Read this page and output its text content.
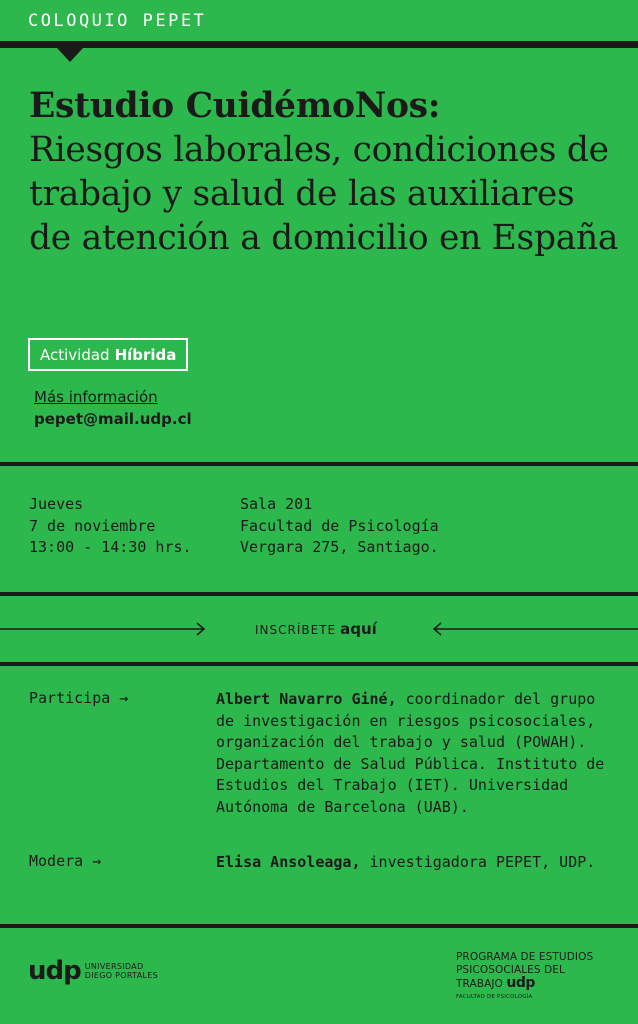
COLOQUIO PEPET
Estudio CuidémoNos:
Riesgos laborales, condiciones de trabajo y salud de las auxiliares de atención a domicilio en España
Actividad Híbrida
Más información
pepet@mail.udp.cl
Jueves
7 de noviembre
13:00 - 14:30 hrs.
Sala 201
Facultad de Psicología
Vergara 275, Santiago.
INSCRÍBETE aquí
Participa →	Albert Navarro Giné, coordinador del grupo de investigación en riesgos psicosociales, organización del trabajo y salud (POWAH). Departamento de Salud Pública. Instituto de Estudios del Trabajo (IET). Universidad Autónoma de Barcelona (UAB).
Modera →	Elisa Ansoleaga, investigadora PEPET, UDP.
udp UNIVERSIDAD
DIEGO PORTALES
PROGRAMA DE ESTUDIOS
PSICOSOCIALES DEL
TRABAJO udp
FACULTAD DE PSICOLOGÍA
